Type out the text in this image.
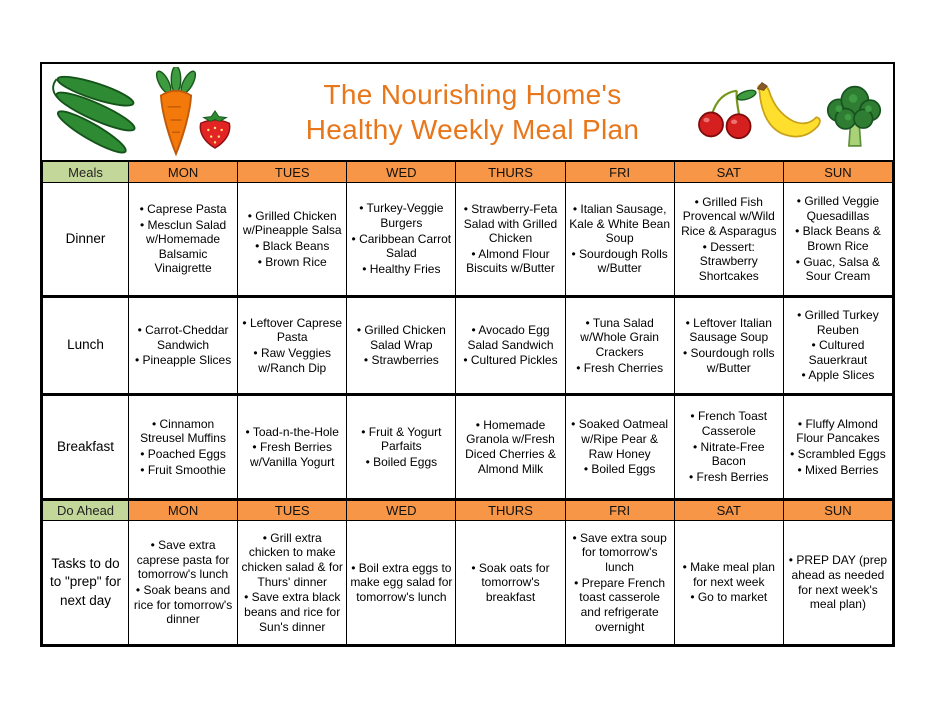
The Nourishing Home's
Healthy Weekly Meal Plan
Meals	MON	TUES	WED	THURS	FRI	SAT	SUN
Dinner	
• Caprese Pasta
• Mesclun Salad w/Homemade Balsamic Vinaigrette

• Grilled Chicken w/Pineapple Salsa
• Black Beans
• Brown Rice

• Turkey-Veggie Burgers
• Caribbean Carrot Salad
• Healthy Fries

• Strawberry-Feta Salad with Grilled Chicken
• Almond Flour Biscuits w/Butter

• Italian Sausage, Kale & White Bean Soup
• Sourdough Rolls w/Butter

• Grilled Fish Provencal w/Wild Rice & Asparagus
• Dessert: Strawberry Shortcakes

• Grilled Veggie Quesadillas
• Black Beans & Brown Rice
• Guac, Salsa & Sour Cream

Lunch	
• Carrot-Cheddar Sandwich
• Pineapple Slices

• Leftover Caprese Pasta
• Raw Veggies w/Ranch Dip

• Grilled Chicken Salad Wrap
• Strawberries

• Avocado Egg Salad Sandwich
• Cultured Pickles

• Tuna Salad w/Whole Grain Crackers
• Fresh Cherries

• Leftover Italian Sausage Soup
• Sourdough rolls w/Butter

• Grilled Turkey Reuben
• Cultured Sauerkraut
• Apple Slices

Breakfast	
• Cinnamon Streusel Muffins
• Poached Eggs
• Fruit Smoothie

• Toad-n-the-Hole
• Fresh Berries w/Vanilla Yogurt

• Fruit & Yogurt Parfaits
• Boiled Eggs

• Homemade Granola w/Fresh Diced Cherries & Almond Milk

• Soaked Oatmeal w/Ripe Pear & Raw Honey
• Boiled Eggs

• French Toast Casserole
• Nitrate-Free Bacon
• Fresh Berries

• Fluffy Almond Flour Pancakes
• Scrambled Eggs
• Mixed Berries

Do Ahead	MON	TUES	WED	THURS	FRI	SAT	SUN
Tasks to do to "prep" for next day	
• Save extra caprese pasta for tomorrow's lunch
• Soak beans and rice for tomorrow's dinner

• Grill extra chicken to make chicken salad & for Thurs' dinner
• Save extra black beans and rice for Sun's dinner

• Boil extra eggs to make egg salad for tomorrow's lunch

• Soak oats for tomorrow's breakfast

• Save extra soup for tomorrow's lunch
• Prepare French toast casserole and refrigerate overnight

• Make meal plan for next week
• Go to market

• PREP DAY (prep ahead as needed for next week's meal plan)
